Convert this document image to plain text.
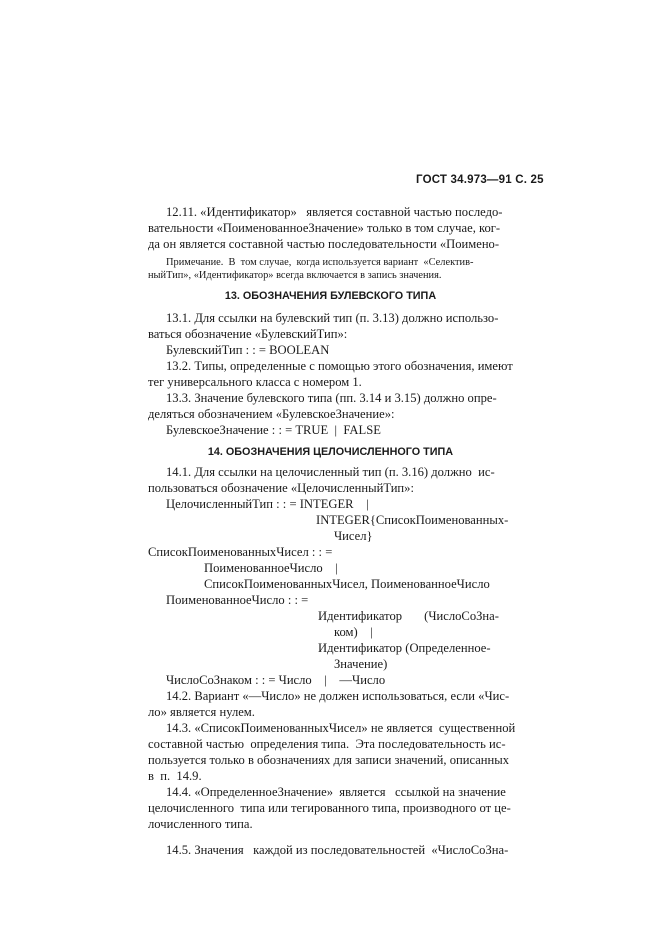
ГОСТ 34.973—91 С. 25
12.11. «Идентификатор»   является составной частью последо-
вательности «ПоименованноеЗначение» только в том случае, ког-
да он является составной частью последовательности «Поимено-
Примечание.  В  том случае,  когда используется вариант  «Селектив-
ныйТип», «Идентификатор» всегда включается в запись значения.
13. ОБОЗНАЧЕНИЯ БУЛЕВСКОГО ТИПА
13.1. Для ссылки на булевский тип (п. 3.13) должно использо-
ваться обозначение «БулевскийТип»:
БулевскийТип : : = BOOLEAN
13.2. Типы, определенные с помощью этого обозначения, имеют
тег универсального класса с номером 1.
13.3. Значение булевского типа (пп. 3.14 и 3.15) должно опре-
деляться обозначением «БулевскоеЗначение»:
БулевскоеЗначение : : = TRUE  |  FALSE
14. ОБОЗНАЧЕНИЯ ЦЕЛОЧИСЛЕННОГО ТИПА
14.1. Для ссылки на целочисленный тип (п. 3.16) должно  ис-
пользоваться обозначение «ЦелочисленныйТип»:
ЦелочисленныйТип : : = INTEGER    |
INTEGER{СписокПоименованных-
Чисел}
СписокПоименованныхЧисел : : =
ПоименованноеЧисло    |
СписокПоименованныхЧисел, ПоименованноеЧисло
ПоименованноеЧисло : : =
Идентификатор       (ЧислоСоЗна-
ком)    |
Идентификатор (Определенное-
Значение)
ЧислоСоЗнаком : : = Число    |    —Число
14.2. Вариант «—Число» не должен использоваться, если «Чис-
ло» является нулем.
14.3. «СписокПоименованныхЧисел» не является  существенной
составной частью  определения типа.  Эта последовательность ис-
пользуется только в обозначениях для записи значений, описанных
в  п.  14.9.
14.4. «ОпределенноеЗначение»  является   ссылкой на значение
целочисленного  типа или тегированного типа, производного от це-
лочисленного типа.
14.5. Значения   каждой из последовательностей  «ЧислоСоЗна-
